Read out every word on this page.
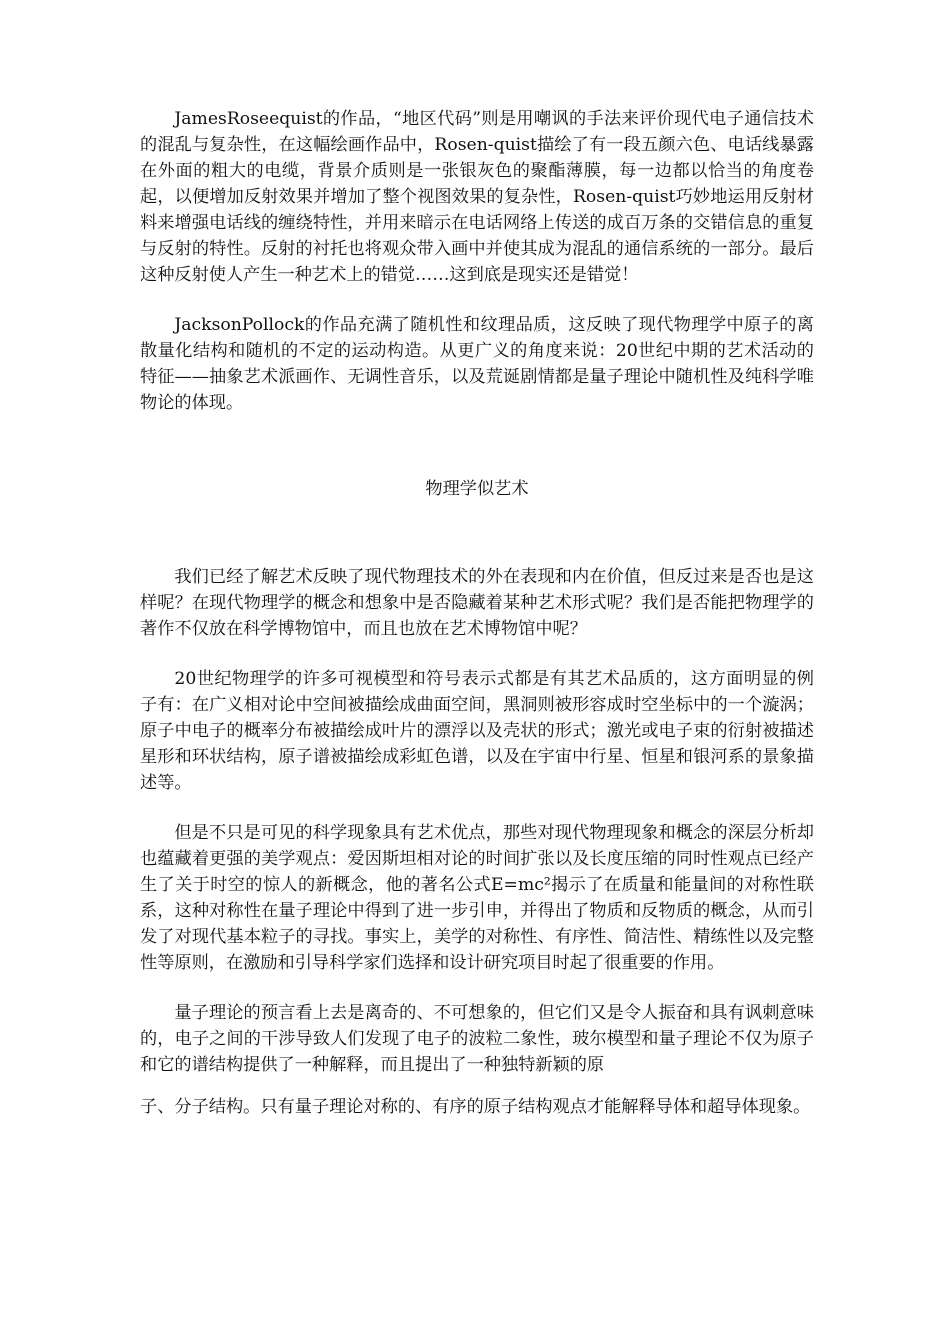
JamesRoseequist的作品，“地区代码”则是用嘲讽的手法来评价现代电子通信技术的混乱与复杂性，在这幅绘画作品中，Rosen-quist描绘了有一段五颜六色、电话线暴露在外面的粗大的电缆，背景介质则是一张银灰色的聚酯薄膜，每一边都以恰当的角度卷起，以便增加反射效果并增加了整个视图效果的复杂性，Rosen-quist巧妙地运用反射材料来增强电话线的缠绕特性，并用来暗示在电话网络上传送的成百万条的交错信息的重复与反射的特性。反射的衬托也将观众带入画中并使其成为混乱的通信系统的一部分。最后这种反射使人产生一种艺术上的错觉……这到底是现实还是错觉！

JacksonPollock的作品充满了随机性和纹理品质，这反映了现代物理学中原子的离散量化结构和随机的不定的运动构造。从更广义的角度来说：20世纪中期的艺术活动的特征——抽象艺术派画作、无调性音乐，以及荒诞剧情都是量子理论中随机性及纯科学唯物论的体现。

物理学似艺术

我们已经了解艺术反映了现代物理技术的外在表现和内在价值，但反过来是否也是这样呢？在现代物理学的概念和想象中是否隐藏着某种艺术形式呢？我们是否能把物理学的著作不仅放在科学博物馆中，而且也放在艺术博物馆中呢？

20世纪物理学的许多可视模型和符号表示式都是有其艺术品质的，这方面明显的例子有：在广义相对论中空间被描绘成曲面空间，黑洞则被形容成时空坐标中的一个漩涡；原子中电子的概率分布被描绘成叶片的漂浮以及壳状的形式；激光或电子束的衍射被描述星形和环状结构，原子谱被描绘成彩虹色谱，以及在宇宙中行星、恒星和银河系的景象描述等。

但是不只是可见的科学现象具有艺术优点，那些对现代物理现象和概念的深层分析却也蕴藏着更强的美学观点：爱因斯坦相对论的时间扩张以及长度压缩的同时性观点已经产生了关于时空的惊人的新概念，他的著名公式E=mc²揭示了在质量和能量间的对称性联系，这种对称性在量子理论中得到了进一步引申，并得出了物质和反物质的概念，从而引发了对现代基本粒子的寻找。事实上，美学的对称性、有序性、简洁性、精练性以及完整性等原则，在激励和引导科学家们选择和设计研究项目时起了很重要的作用。

量子理论的预言看上去是离奇的、不可想象的，但它们又是令人振奋和具有讽刺意味的，电子之间的干涉导致人们发现了电子的波粒二象性，玻尔模型和量子理论不仅为原子和它的谱结构提供了一种解释，而且提出了一种独特新颖的原

子、分子结构。只有量子理论对称的、有序的原子结构观点才能解释导体和超导体现象。
